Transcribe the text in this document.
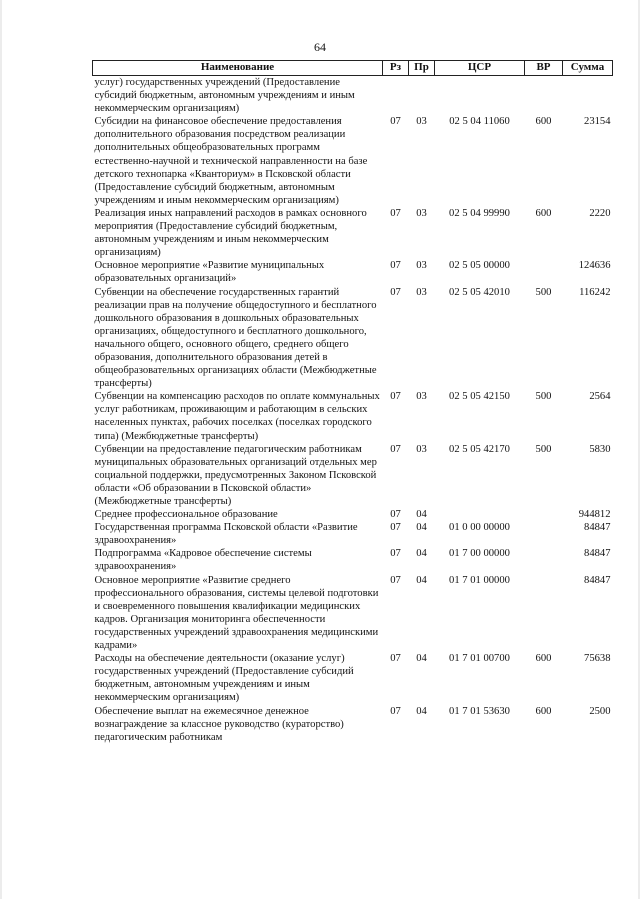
64
Наименование	Рз	Пр	ЦСР	ВР	Сумма
услуг) государственных учреждений (Предоставление субсидий бюджетным, автономным учреждениям и иным некоммерческим организациям)					
Субсидии на финансовое обеспечение предоставления дополнительного образования посредством реализации дополнительных общеобразовательных программ естественно-научной и технической направленности на базе детского технопарка «Кванториум» в Псковской области (Предоставление субсидий бюджетным, автономным учреждениям и иным некоммерческим организациям)	07	03	02 5 04 11060	600	23154
Реализация иных направлений расходов в рамках основного мероприятия (Предоставление субсидий бюджетным, автономным учреждениям и иным некоммерческим организациям)	07	03	02 5 04 99990	600	2220
Основное мероприятие «Развитие муниципальных образовательных организаций»	07	03	02 5 05 00000		124636
Субвенции на обеспечение государственных гарантий реализации прав на получение общедоступного и бесплатного дошкольного образования в дошкольных образовательных организациях, общедоступного и бесплатного дошкольного, начального общего, основного общего, среднего общего образования, дополнительного образования детей в общеобразовательных организациях области (Межбюджетные трансферты)	07	03	02 5 05 42010	500	116242
Субвенции на компенсацию расходов по оплате коммунальных услуг работникам, проживающим и работающим в сельских населенных пунктах, рабочих поселках (поселках городского типа) (Межбюджетные трансферты)	07	03	02 5 05 42150	500	2564
Субвенции на предоставление педагогическим работникам муниципальных образовательных организаций отдельных мер социальной поддержки, предусмотренных Законом Псковской области «Об образовании в Псковской области» (Межбюджетные трансферты)	07	03	02 5 05 42170	500	5830
Среднее профессиональное образование	07	04			944812
Государственная программа Псковской области «Развитие здравоохранения»	07	04	01 0 00 00000		84847
Подпрограмма «Кадровое обеспечение системы здравоохранения»	07	04	01 7 00 00000		84847
Основное мероприятие «Развитие среднего профессионального образования, системы целевой подготовки и своевременного повышения квалификации медицинских кадров. Организация мониторинга обеспеченности государственных учреждений здравоохранения медицинскими кадрами»	07	04	01 7 01 00000		84847
Расходы на обеспечение деятельности (оказание услуг) государственных учреждений (Предоставление субсидий бюджетным, автономным учреждениям и иным некоммерческим организациям)	07	04	01 7 01 00700	600	75638
Обеспечение выплат на ежемесячное денежное вознаграждение за классное руководство (кураторство) педагогическим работникам	07	04	01 7 01 53630	600	2500
